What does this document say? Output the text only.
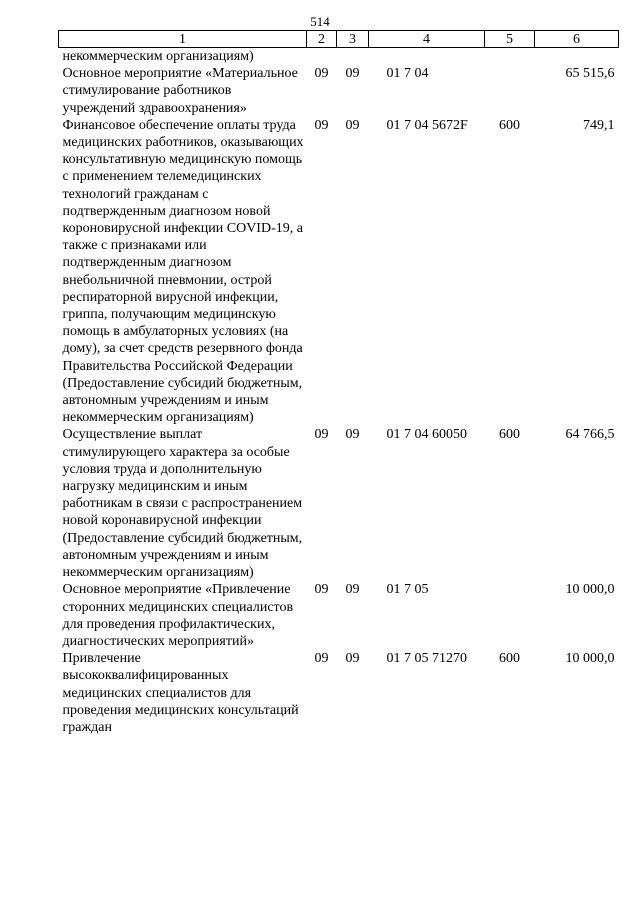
514
1	2	3	4	5	6
некоммерческим организациям)					
Основное мероприятие «Материальное стимулирование работников учреждений здравоохранения»	09	09	01 7 04		65 515,6
Финансовое обеспечение оплаты труда медицинских работников, оказывающих консультативную медицинскую помощь с применением телемедицинских технологий гражданам с подтвержденным диагнозом новой короновирусной инфекции COVID-19, а также с признаками или подтвержденным диагнозом внебольничной пневмонии, острой респираторной вирусной инфекции, гриппа, получающим медицинскую помощь в амбулаторных условиях (на дому), за счет средств резервного фонда Правительства Российской Федерации (Предоставление субсидий бюджетным, автономным учреждениям и иным некоммерческим организациям)	09	09	01 7 04 5672F	600	749,1
Осуществление выплат стимулирующего характера за особые условия труда и дополнительную нагрузку медицинским и иным работникам в связи с распространением новой коронавирусной инфекции (Предоставление субсидий бюджетным, автономным учреждениям и иным некоммерческим организациям)	09	09	01 7 04 60050	600	64 766,5
Основное мероприятие «Привлечение сторонних медицинских специалистов для проведения профилактических, диагностических мероприятий»	09	09	01 7 05		10 000,0
Привлечение высококвалифицированных медицинских специалистов для проведения медицинских консультаций граждан	09	09	01 7 05 71270	600	10 000,0
